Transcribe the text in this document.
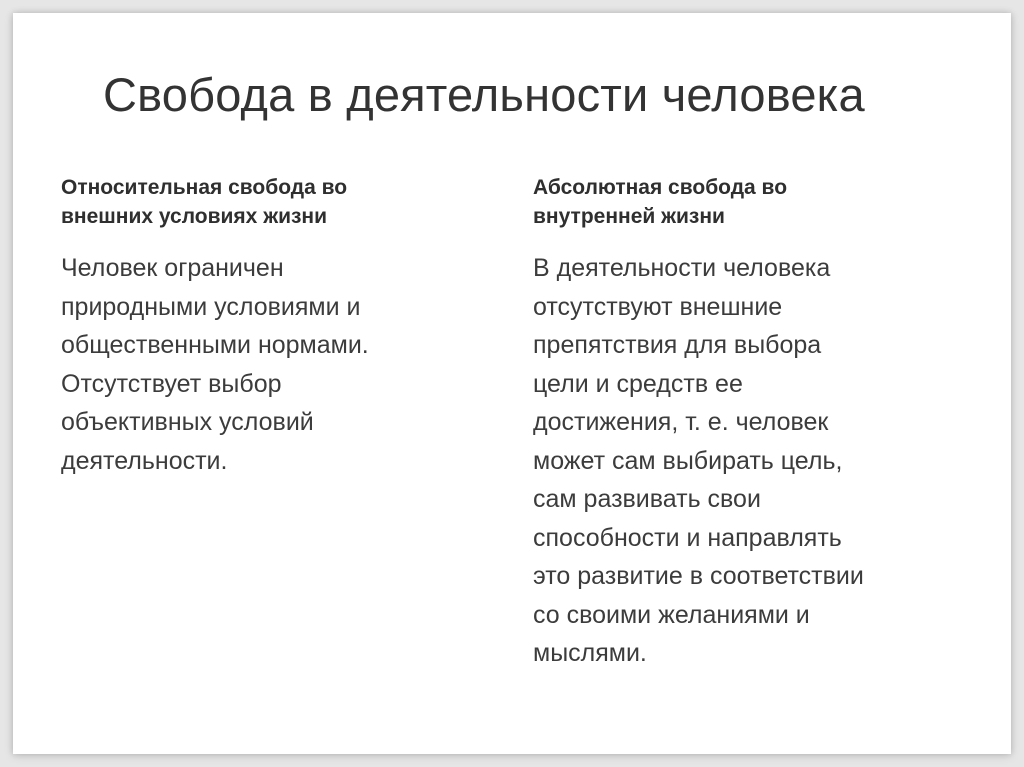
Свобода в деятельности человека
Относительная свобода во
внешних условиях жизни
Человек ограничен
природными условиями и
общественными нормами.
Отсутствует выбор
объективных условий
деятельности.
Абсолютная свобода во
внутренней жизни
В деятельности человека
отсутствуют внешние
препятствия для выбора
цели и средств ее
достижения, т. е. человек
может сам выбирать цель,
сам развивать свои
способности и направлять
это развитие в соответствии
со своими желаниями и
мыслями.
